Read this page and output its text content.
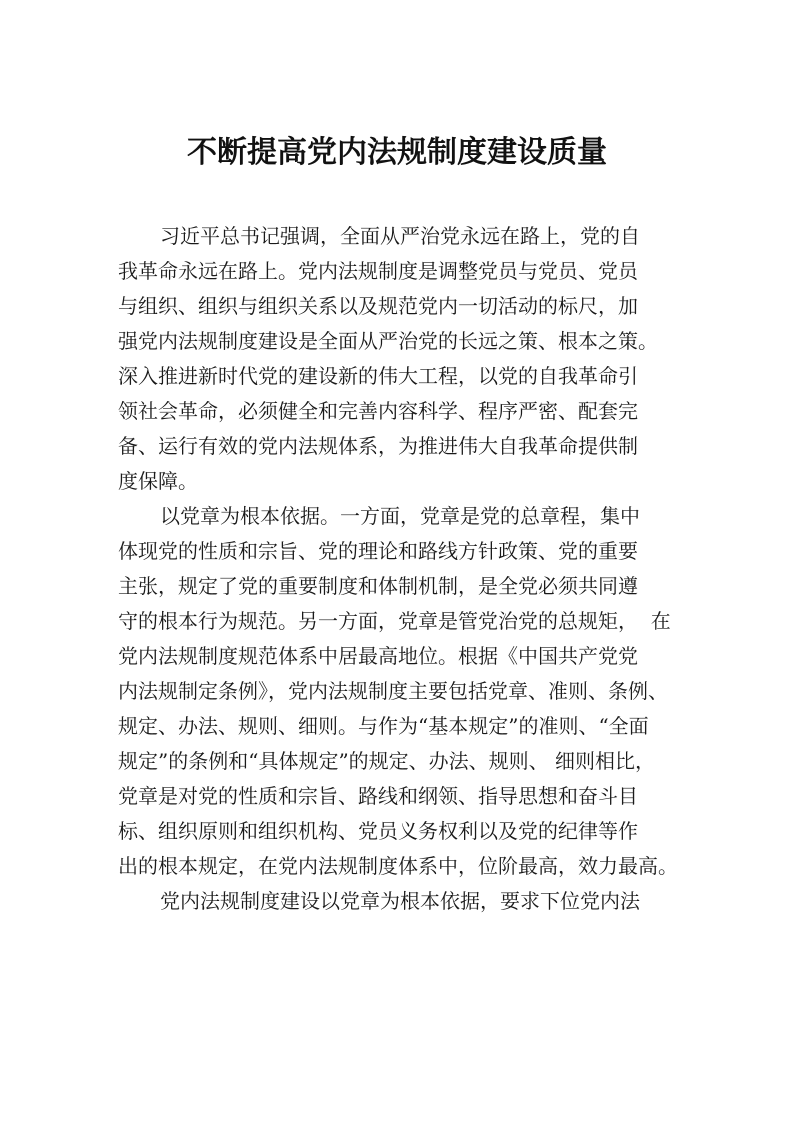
不断提高党内法规制度建设质量
习近平总书记强调，全面从严治党永远在路上，党的自
我革命永远在路上。党内法规制度是调整党员与党员、党员
与组织、组织与组织关系以及规范党内一切活动的标尺，加
强党内法规制度建设是全面从严治党的长远之策、根本之策。
深入推进新时代党的建设新的伟大工程，以党的自我革命引
领社会革命，必须健全和完善内容科学、程序严密、配套完
备、运行有效的党内法规体系，为推进伟大自我革命提供制
度保障。
以党章为根本依据。一方面，党章是党的总章程，集中
体现党的性质和宗旨、党的理论和路线方针政策、党的重要
主张，规定了党的重要制度和体制机制，是全党必须共同遵
守的根本行为规范。另一方面，党章是管党治党的总规矩，  在
党内法规制度规范体系中居最高地位。根据《中国共产党党
内法规制定条例》，党内法规制度主要包括党章、准则、条例、
规定、办法、规则、细则。与作为“基本规定”的准则、“全面
规定”的条例和“具体规定”的规定、办法、规则、 细则相比，
党章是对党的性质和宗旨、路线和纲领、指导思想和奋斗目
标、组织原则和组织机构、党员义务权利以及党的纪律等作
出的根本规定，在党内法规制度体系中，位阶最高，效力最高。
党内法规制度建设以党章为根本依据，要求下位党内法
